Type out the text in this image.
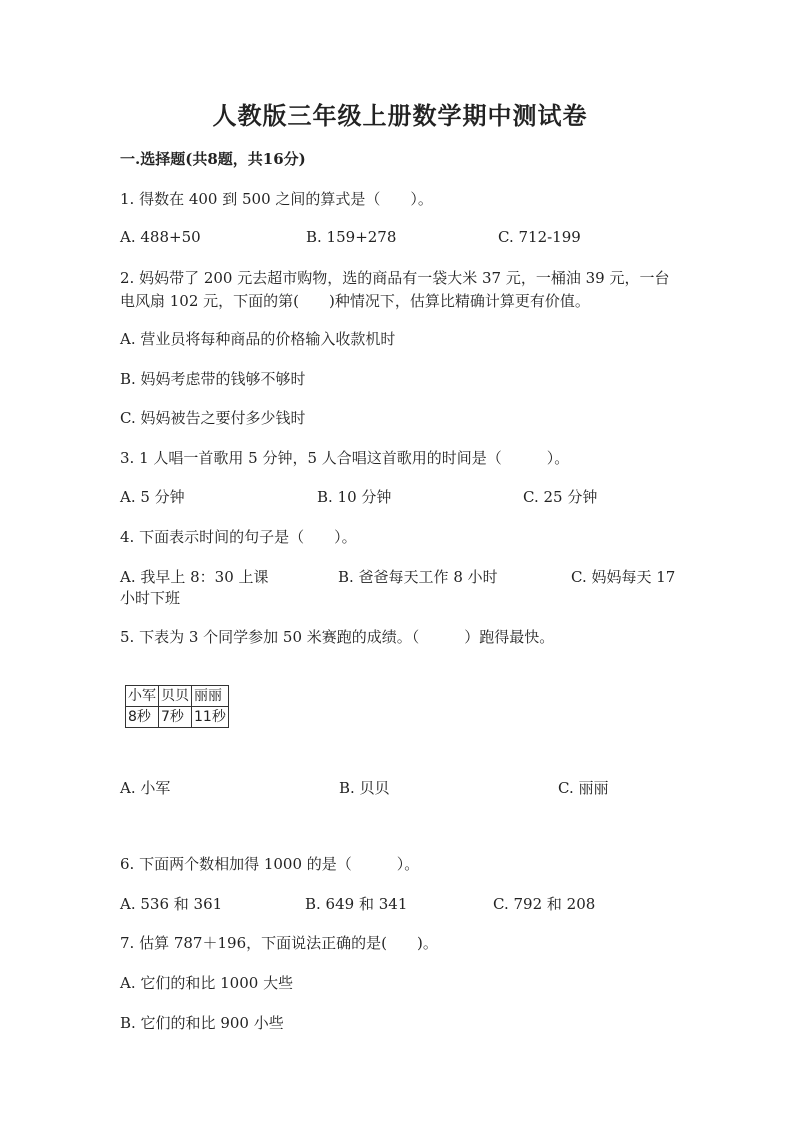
人教版三年级上册数学期中测试卷
一.选择题(共8题，共16分)
1. 得数在 400 到 500 之间的算式是（　　）。
A. 488+50	B. 159+278	C. 712-199
2. 妈妈带了 200 元去超市购物，选的商品有一袋大米 37 元，一桶油 39 元，一台电风扇 102 元，下面的第(　　)种情况下，估算比精确计算更有价值。
A. 营业员将每种商品的价格输入收款机时
B. 妈妈考虑带的钱够不够时
C. 妈妈被告之要付多少钱时
3. 1 人唱一首歌用 5 分钟，5 人合唱这首歌用的时间是（　　　）。
A. 5 分钟	B. 10 分钟	C. 25 分钟
4. 下面表示时间的句子是（　　）。
A. 我早上 8：30 上课	B. 爸爸每天工作 8 小时	C. 妈妈每天 17
小时下班
5. 下表为 3 个同学参加 50 米赛跑的成绩。（　　　）跑得最快。
小军	贝贝	丽丽
8秒	7秒	11秒
A. 小军	B. 贝贝	C. 丽丽
6. 下面两个数相加得 1000 的是（　　　）。
A. 536 和 361	B. 649 和 341	C. 792 和 208
7. 估算 787＋196，下面说法正确的是(　　)。
A. 它们的和比 1000 大些
B. 它们的和比 900 小些
